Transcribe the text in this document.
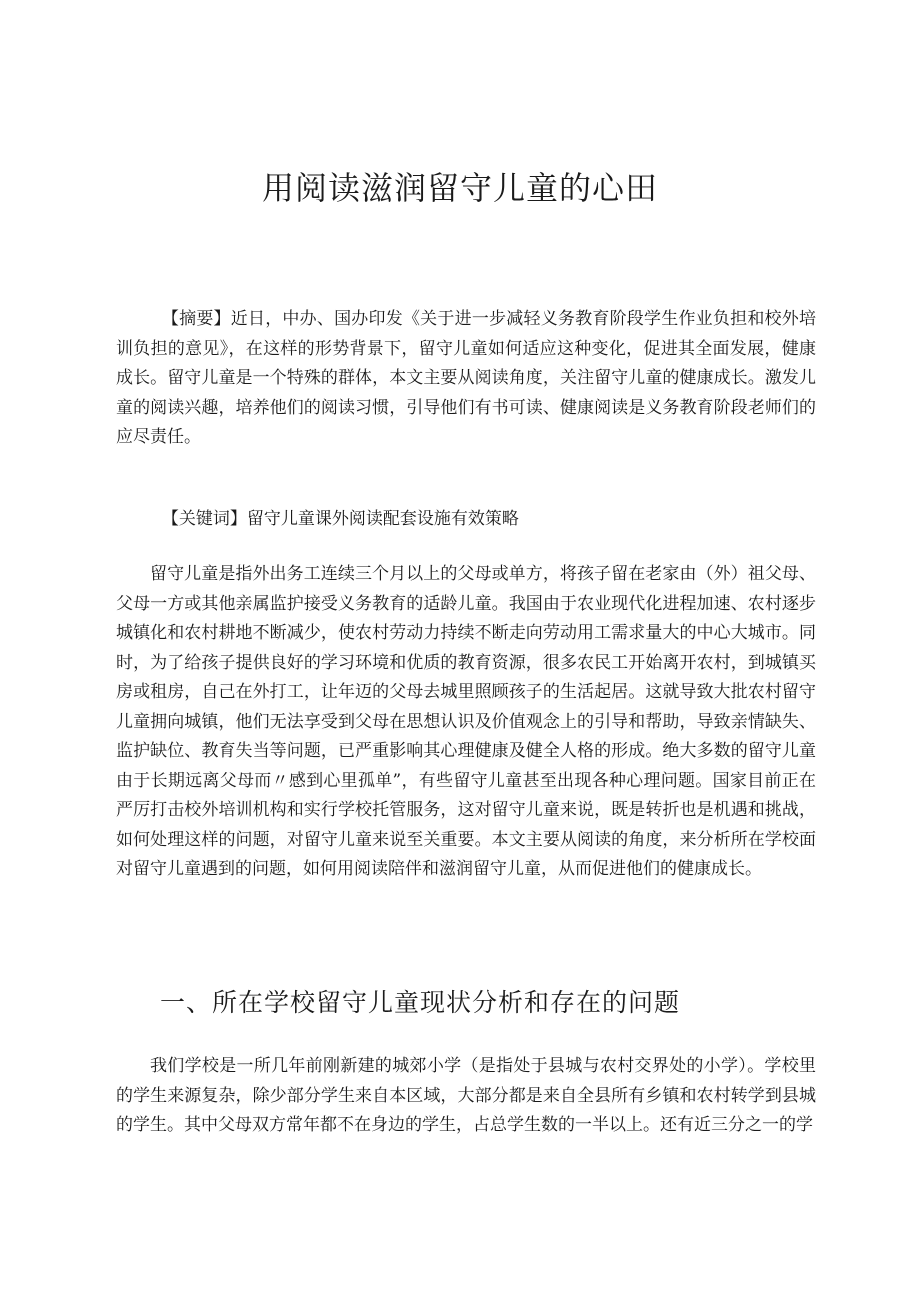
用阅读滋润留守儿童的心田

【摘要】近日，中办、国办印发《关于进一步减轻义务教育阶段学生作业负担和校外培训负担的意见》，在这样的形势背景下，留守儿童如何适应这种变化，促进其全面发展，健康成长。留守儿童是一个特殊的群体，本文主要从阅读角度，关注留守儿童的健康成长。激发儿童的阅读兴趣，培养他们的阅读习惯，引导他们有书可读、健康阅读是义务教育阶段老师们的应尽责任。

【关键词】留守儿童课外阅读配套设施有效策略

留守儿童是指外出务工连续三个月以上的父母或单方，将孩子留在老家由（外）祖父母、父母一方或其他亲属监护接受义务教育的适龄儿童。我国由于农业现代化进程加速、农村逐步城镇化和农村耕地不断减少，使农村劳动力持续不断走向劳动用工需求量大的中心大城市。同时，为了给孩子提供良好的学习环境和优质的教育资源，很多农民工开始离开农村，到城镇买房或租房，自己在外打工，让年迈的父母去城里照顾孩子的生活起居。这就导致大批农村留守儿童拥向城镇，他们无法享受到父母在思想认识及价值观念上的引导和帮助，导致亲情缺失、监护缺位、教育失当等问题，已严重影响其心理健康及健全人格的形成。绝大多数的留守儿童由于长期远离父母而〃感到心里孤单”，有些留守儿童甚至出现各种心理问题。国家目前正在严厉打击校外培训机构和实行学校托管服务，这对留守儿童来说，既是转折也是机遇和挑战，如何处理这样的问题，对留守儿童来说至关重要。本文主要从阅读的角度，来分析所在学校面对留守儿童遇到的问题，如何用阅读陪伴和滋润留守儿童，从而促进他们的健康成长。

一、所在学校留守儿童现状分析和存在的问题

我们学校是一所几年前刚新建的城郊小学（是指处于县城与农村交界处的小学）。学校里的学生来源复杂，除少部分学生来自本区域，大部分都是来自全县所有乡镇和农村转学到县城的学生。其中父母双方常年都不在身边的学生，占总学生数的一半以上。还有近三分之一的学
